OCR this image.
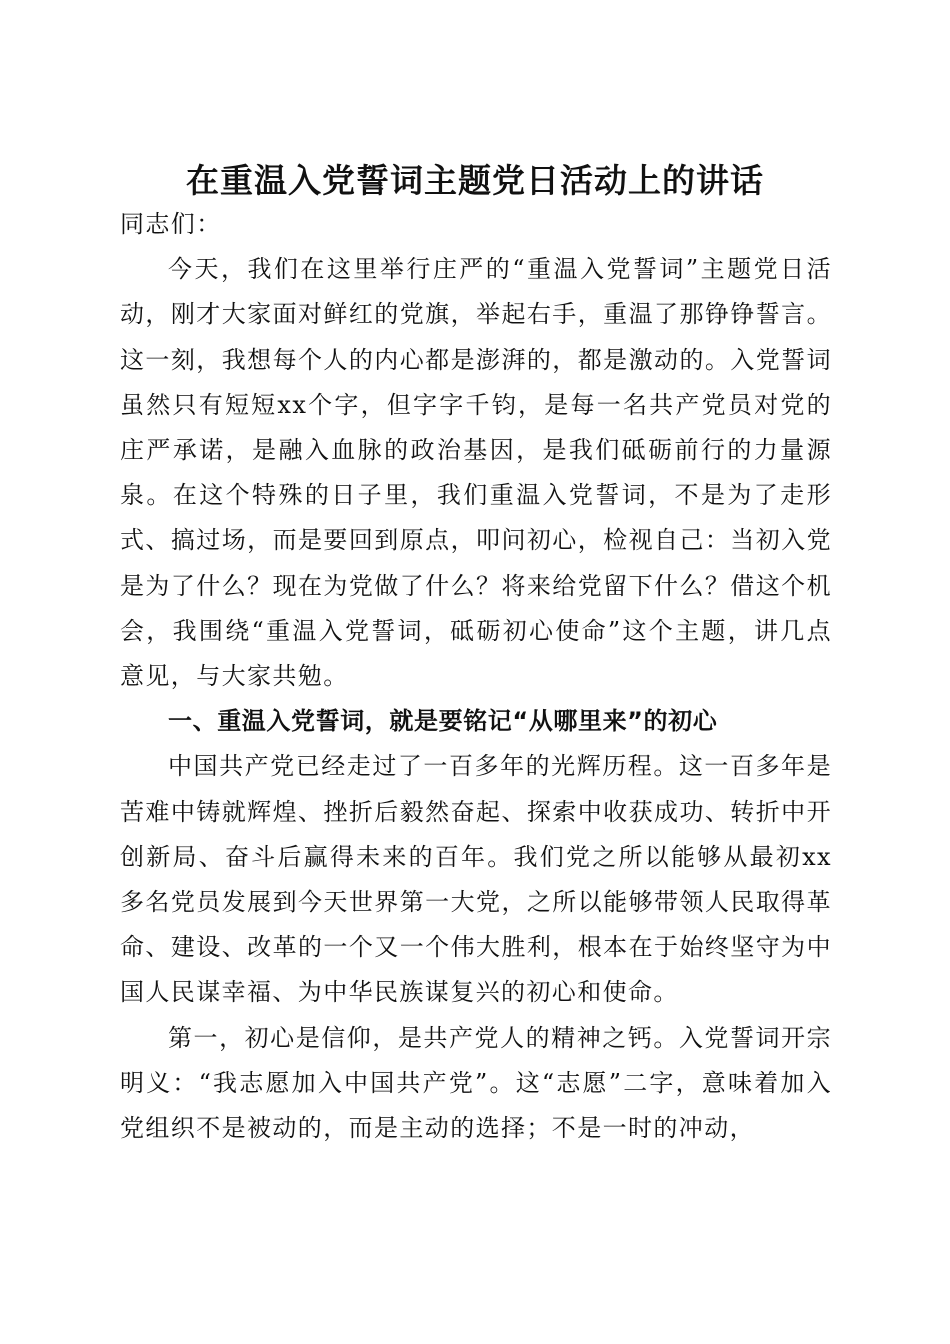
在重温入党誓词主题党日活动上的讲话

同志们：

今天，我们在这里举行庄严的“重温入党誓词”主题党日活动，刚才大家面对鲜红的党旗，举起右手，重温了那铮铮誓言。这一刻，我想每个人的内心都是澎湃的，都是激动的。入党誓词虽然只有短短xx个字，但字字千钧，是每一名共产党员对党的庄严承诺，是融入血脉的政治基因，是我们砥砺前行的力量源泉。在这个特殊的日子里，我们重温入党誓词，不是为了走形式、搞过场，而是要回到原点，叩问初心，检视自己：当初入党是为了什么？现在为党做了什么？将来给党留下什么？借这个机会，我围绕“重温入党誓词，砥砺初心使命”这个主题，讲几点意见，与大家共勉。

一、重温入党誓词，就是要铭记“从哪里来”的初心

中国共产党已经走过了一百多年的光辉历程。这一百多年是苦难中铸就辉煌、挫折后毅然奋起、探索中收获成功、转折中开创新局、奋斗后赢得未来的百年。我们党之所以能够从最初xx多名党员发展到今天世界第一大党，之所以能够带领人民取得革命、建设、改革的一个又一个伟大胜利，根本在于始终坚守为中国人民谋幸福、为中华民族谋复兴的初心和使命。

第一，初心是信仰，是共产党人的精神之钙。入党誓词开宗明义：“我志愿加入中国共产党”。这“志愿”二字，意味着加入党组织不是被动的，而是主动的选择；不是一时的冲动，
